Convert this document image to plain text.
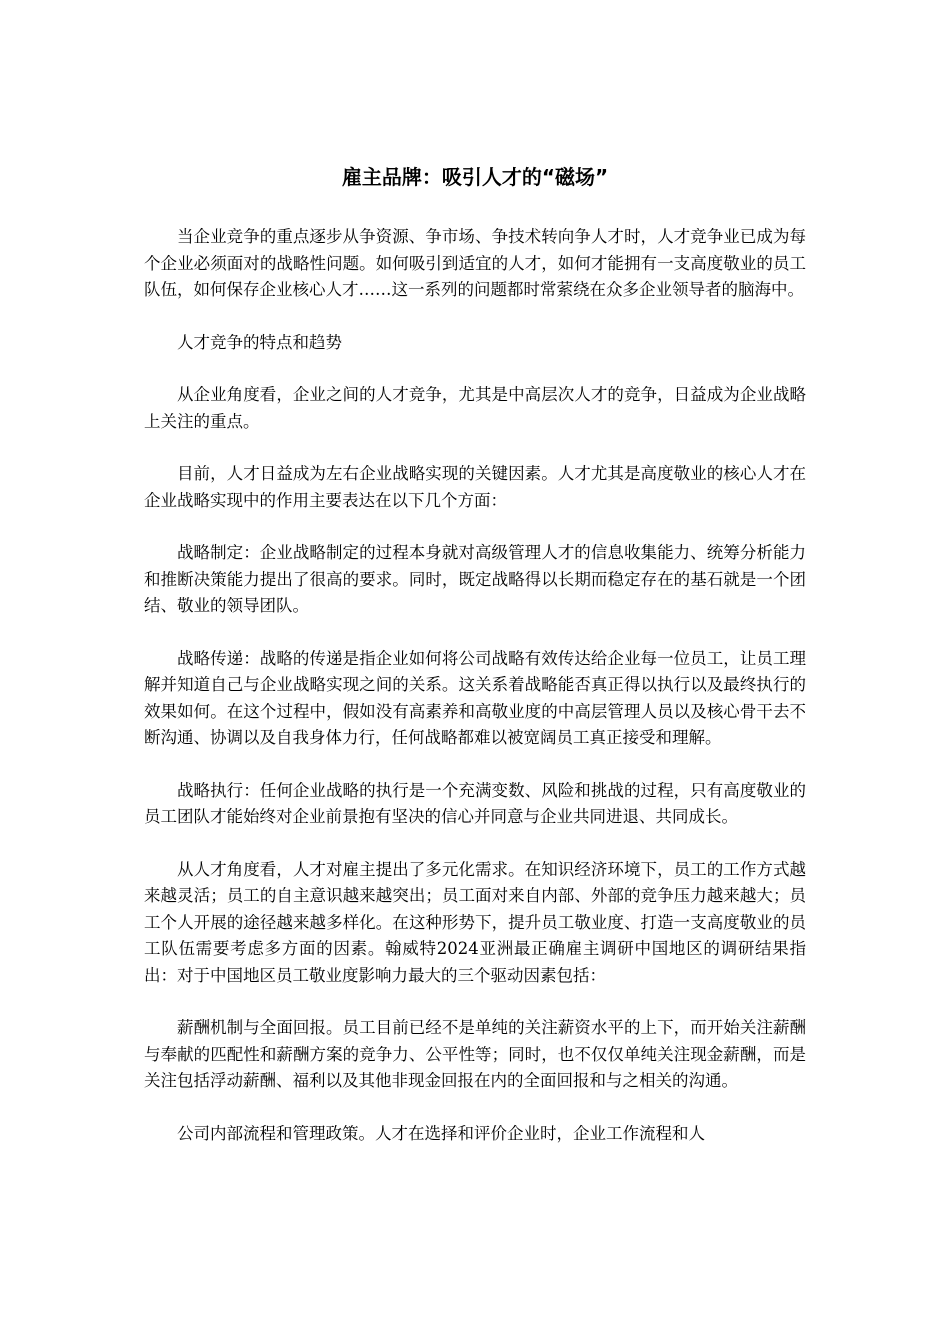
雇主品牌：吸引人才的“磁场”

当企业竞争的重点逐步从争资源、争市场、争技术转向争人才时，人才竞争业已成为每个企业必须面对的战略性问题。如何吸引到适宜的人才，如何才能拥有一支高度敬业的员工队伍，如何保存企业核心人才……这一系列的问题都时常萦绕在众多企业领导者的脑海中。

人才竞争的特点和趋势

从企业角度看，企业之间的人才竞争，尤其是中高层次人才的竞争，日益成为企业战略上关注的重点。

目前，人才日益成为左右企业战略实现的关键因素。人才尤其是高度敬业的核心人才在企业战略实现中的作用主要表达在以下几个方面：

战略制定：企业战略制定的过程本身就对高级管理人才的信息收集能力、统筹分析能力和推断决策能力提出了很高的要求。同时，既定战略得以长期而稳定存在的基石就是一个团结、敬业的领导团队。

战略传递：战略的传递是指企业如何将公司战略有效传达给企业每一位员工，让员工理解并知道自己与企业战略实现之间的关系。这关系着战略能否真正得以执行以及最终执行的效果如何。在这个过程中，假如没有高素养和高敬业度的中高层管理人员以及核心骨干去不断沟通、协调以及自我身体力行，任何战略都难以被宽阔员工真正接受和理解。

战略执行：任何企业战略的执行是一个充满变数、风险和挑战的过程，只有高度敬业的员工团队才能始终对企业前景抱有坚决的信心并同意与企业共同进退、共同成长。

从人才角度看，人才对雇主提出了多元化需求。在知识经济环境下，员工的工作方式越来越灵活；员工的自主意识越来越突出；员工面对来自内部、外部的竞争压力越来越大；员工个人开展的途径越来越多样化。在这种形势下，提升员工敬业度、打造一支高度敬业的员工队伍需要考虑多方面的因素。翰威特2024亚洲最正确雇主调研中国地区的调研结果指出：对于中国地区员工敬业度影响力最大的三个驱动因素包括：

薪酬机制与全面回报。员工目前已经不是单纯的关注薪资水平的上下，而开始关注薪酬与奉献的匹配性和薪酬方案的竞争力、公平性等；同时，也不仅仅单纯关注现金薪酬，而是关注包括浮动薪酬、福利以及其他非现金回报在内的全面回报和与之相关的沟通。

公司内部流程和管理政策。人才在选择和评价企业时，企业工作流程和人
